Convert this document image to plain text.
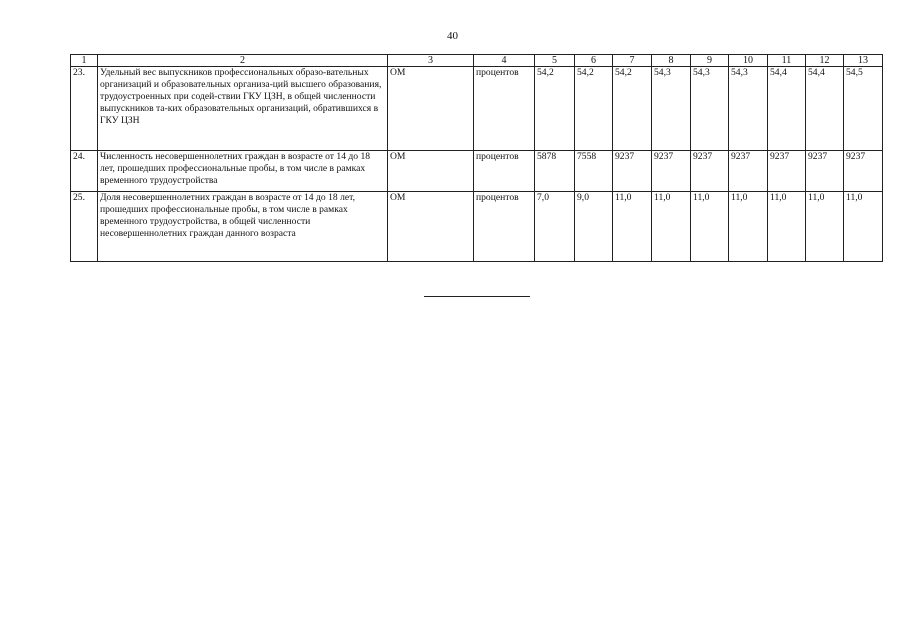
40
1	2	3	4	5	6	7	8	9	10	11	12	13
23.	Удельный вес выпускников профессиональных образо-вательных организаций и образовательных организа-ций высшего образования, трудоустроенных при содей-ствии ГКУ ЦЗН, в общей численности выпускников та-ких образовательных организаций, обратившихся в ГКУ ЦЗН	ОМ	процентов	54,2	54,2	54,2	54,3	54,3	54,3	54,4	54,4	54,5
24.	Численность несовершеннолетних граждан в возрасте от 14 до 18 лет, прошедших профессиональные пробы, в том числе в рамках временного трудоустройства	ОМ	процентов	5878	7558	9237	9237	9237	9237	9237	9237	9237
25.	Доля несовершеннолетних граждан в возрасте от 14 до 18 лет, прошедших профессиональные пробы, в том числе в рамках временного трудоустройства, в общей численности несовершеннолетних граждан данного возраста	ОМ	процентов	7,0	9,0	11,0	11,0	11,0	11,0	11,0	11,0	11,0
